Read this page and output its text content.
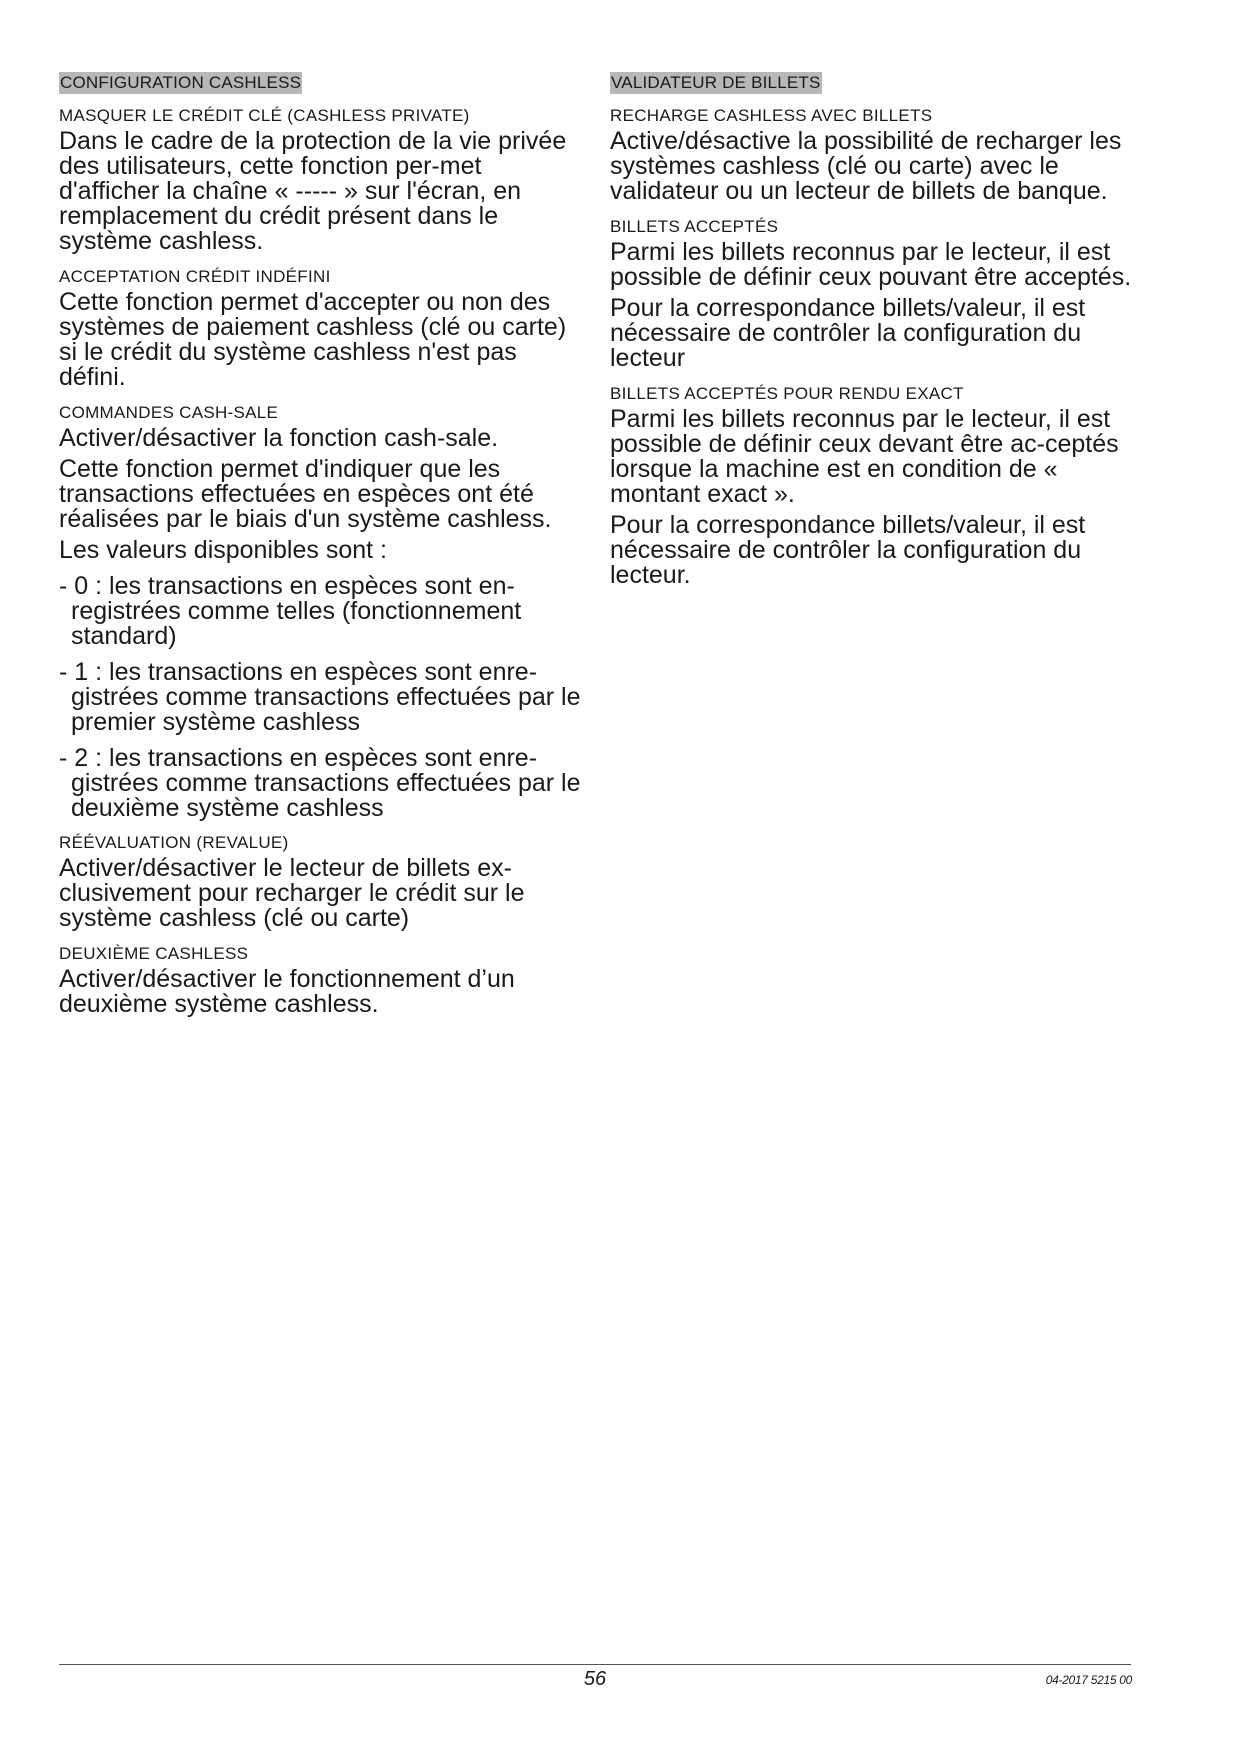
CONFIGURATION CASHLESS
MASQUER LE CRÉDIT CLÉ (CASHLESS PRIVATE)
Dans le cadre de la protection de la vie privée des utilisateurs, cette fonction per-met d'afficher la chaîne « ----- » sur l'écran, en remplacement du crédit présent dans le système cashless.
ACCEPTATION CRÉDIT INDÉFINI
Cette fonction permet d'accepter ou non des systèmes de paiement cashless (clé ou carte) si le crédit du système cashless n'est pas défini.
COMMANDES CASH-SALE
Activer/désactiver la fonction cash-sale.
Cette fonction permet d'indiquer que les transactions effectuées en espèces ont été réalisées par le biais d'un système cashless.
Les valeurs disponibles sont :
- 0 : les transactions en espèces sont en-registrées comme telles (fonctionnement standard)
- 1 : les transactions en espèces sont enre-gistrées comme transactions effectuées par le premier système cashless
- 2 : les transactions en espèces sont enre-gistrées comme transactions effectuées par le deuxième système cashless
RÉÉVALUATION (REVALUE)
Activer/désactiver le lecteur de billets ex-clusivement pour recharger le crédit sur le système cashless (clé ou carte)
DEUXIÈME CASHLESS
Activer/désactiver le fonctionnement d’un deuxième système cashless.
VALIDATEUR DE BILLETS
RECHARGE CASHLESS AVEC BILLETS
Active/désactive la possibilité de recharger les systèmes cashless (clé ou carte) avec le validateur ou un lecteur de billets de banque.
BILLETS ACCEPTÉS
Parmi les billets reconnus par le lecteur, il est possible de définir ceux pouvant être acceptés.
Pour la correspondance billets/valeur, il est nécessaire de contrôler la configuration du lecteur
BILLETS ACCEPTÉS POUR RENDU EXACT
Parmi les billets reconnus par le lecteur, il est possible de définir ceux devant être ac-ceptés lorsque la machine est en condition de « montant exact ».
Pour la correspondance billets/valeur, il est nécessaire de contrôler la configuration du lecteur.
56	04-2017 5215 00
